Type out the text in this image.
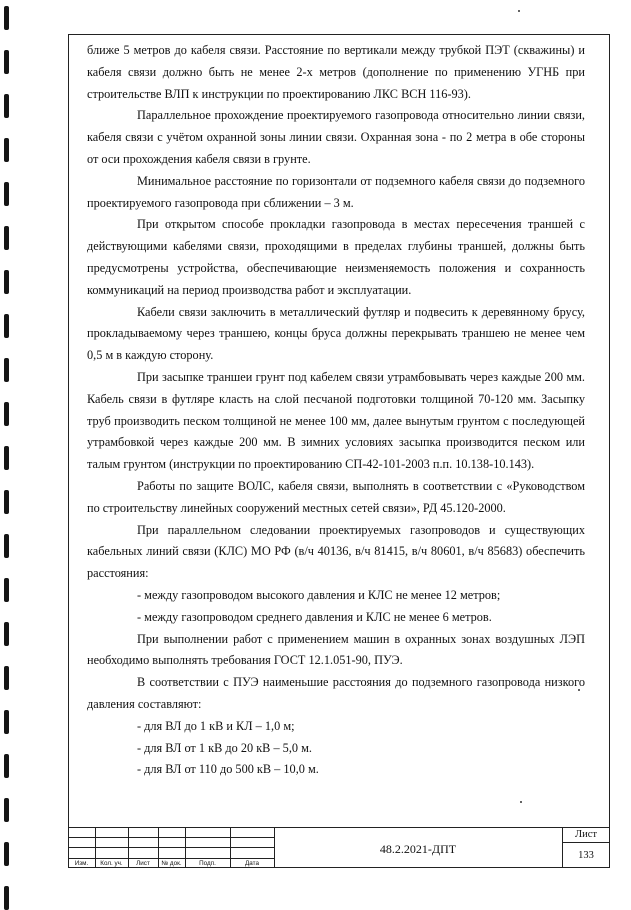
ближе 5 метров до кабеля связи. Расстояние по вертикали между трубкой ПЭТ (скважины) и кабеля связи должно быть не менее 2-х метров (дополнение по применению УГНБ при строительстве ВЛП к инструкции по проектированию ЛКС ВСН 116-93).

Параллельное прохождение проектируемого газопровода относительно линии связи, кабеля связи с учётом охранной зоны линии связи. Охранная зона - по 2 метра в обе стороны от оси прохождения кабеля связи в грунте.

Минимальное расстояние по горизонтали от подземного кабеля связи до подземного проектируемого газопровода при сближении – 3 м.

При открытом способе прокладки газопровода в местах пересечения траншей с действующими кабелями связи, проходящими в пределах глубины траншей, должны быть предусмотрены устройства, обеспечивающие неизменяемость положения и сохранность коммуникаций на период производства работ и эксплуатации.

Кабели связи заключить в металлический футляр и подвесить к деревянному брусу, прокладываемому через траншею, концы бруса должны перекрывать траншею не менее чем 0,5 м в каждую сторону.

При засыпке траншеи грунт под кабелем связи утрамбовывать через каждые 200 мм. Кабель связи в футляре класть на слой песчаной подготовки толщиной 70-120 мм. Засыпку труб производить песком толщиной не менее 100 мм, далее вынутым грунтом с последующей утрамбовкой через каждые 200 мм. В зимних условиях засыпка производится песком или талым грунтом (инструкции по проектированию СП-42-101-2003 п.п. 10.138-10.143).

Работы по защите ВОЛС, кабеля связи, выполнять в соответствии с «Руководством по строительству линейных сооружений местных сетей связи», РД 45.120-2000.

При параллельном следовании проектируемых газопроводов и существующих кабельных линий связи (КЛС) МО РФ (в/ч 40136, в/ч 81415, в/ч 80601, в/ч 85683) обеспечить расстояния:

- между газопроводом высокого давления и КЛС не менее 12 метров;

- между газопроводом среднего давления и КЛС не менее 6 метров.

При выполнении работ с применением машин в охранных зонах воздушных ЛЭП необходимо выполнять требования ГОСТ 12.1.051-90, ПУЭ.

В соответствии с ПУЭ наименьшие расстояния до подземного газопровода низкого давления составляют:

- для ВЛ до 1 кВ и КЛ – 1,0 м;

- для ВЛ от 1 кВ до 20 кВ – 5,0 м.

- для ВЛ от 110 до 500 кВ – 10,0 м.

Изм.	Кол. уч.	Лист	№ док.	Подп.	Дата
48.2.2021-ДПТ
Лист
133
